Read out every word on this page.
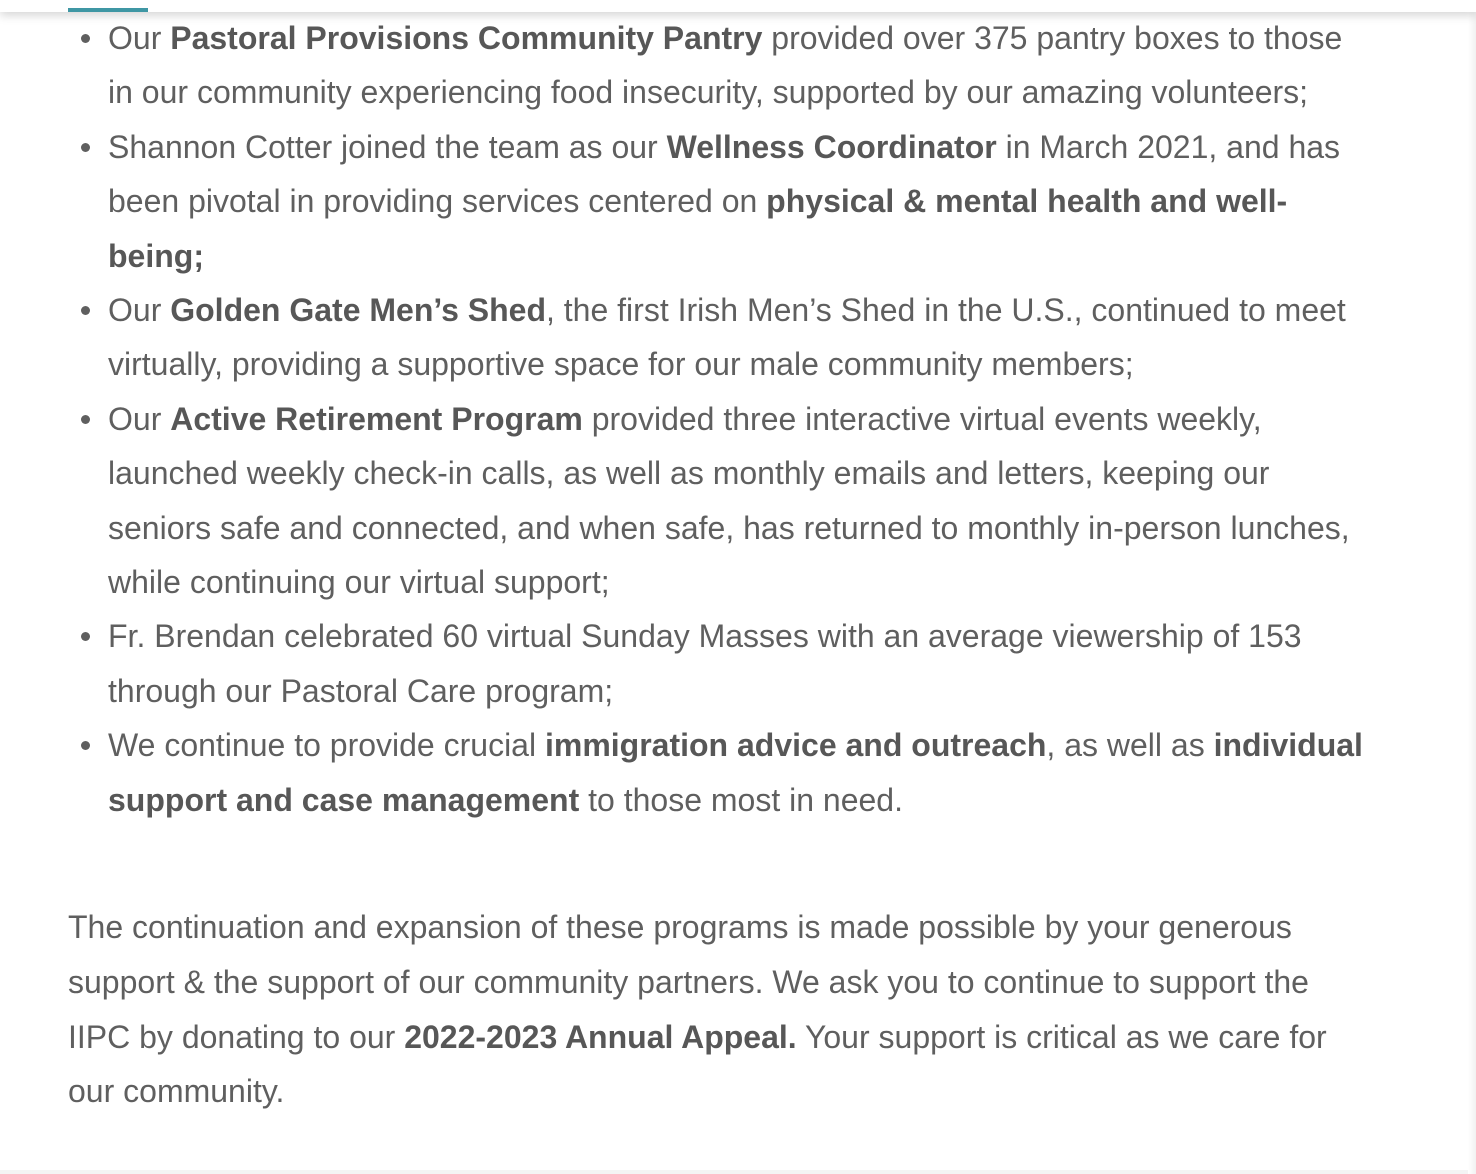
Our Pastoral Provisions Community Pantry provided over 375 pantry boxes to those in our community experiencing food insecurity, supported by our amazing volunteers;
Shannon Cotter joined the team as our Wellness Coordinator in March 2021, and has been pivotal in providing services centered on physical & mental health and well-being;
Our Golden Gate Men’s Shed, the first Irish Men’s Shed in the U.S., continued to meet virtually, providing a supportive space for our male community members;
Our Active Retirement Program provided three interactive virtual events weekly, launched weekly check-in calls, as well as monthly emails and letters, keeping our seniors safe and connected, and when safe, has returned to monthly in-person lunches, while continuing our virtual support;
Fr. Brendan celebrated 60 virtual Sunday Masses with an average viewership of 153 through our Pastoral Care program;
We continue to provide crucial immigration advice and outreach, as well as individual support and case management to those most in need.

The continuation and expansion of these programs is made possible by your generous support & the support of our community partners. We ask you to continue to support the IIPC by donating to our 2022-2023 Annual Appeal. Your support is critical as we care for our community.
